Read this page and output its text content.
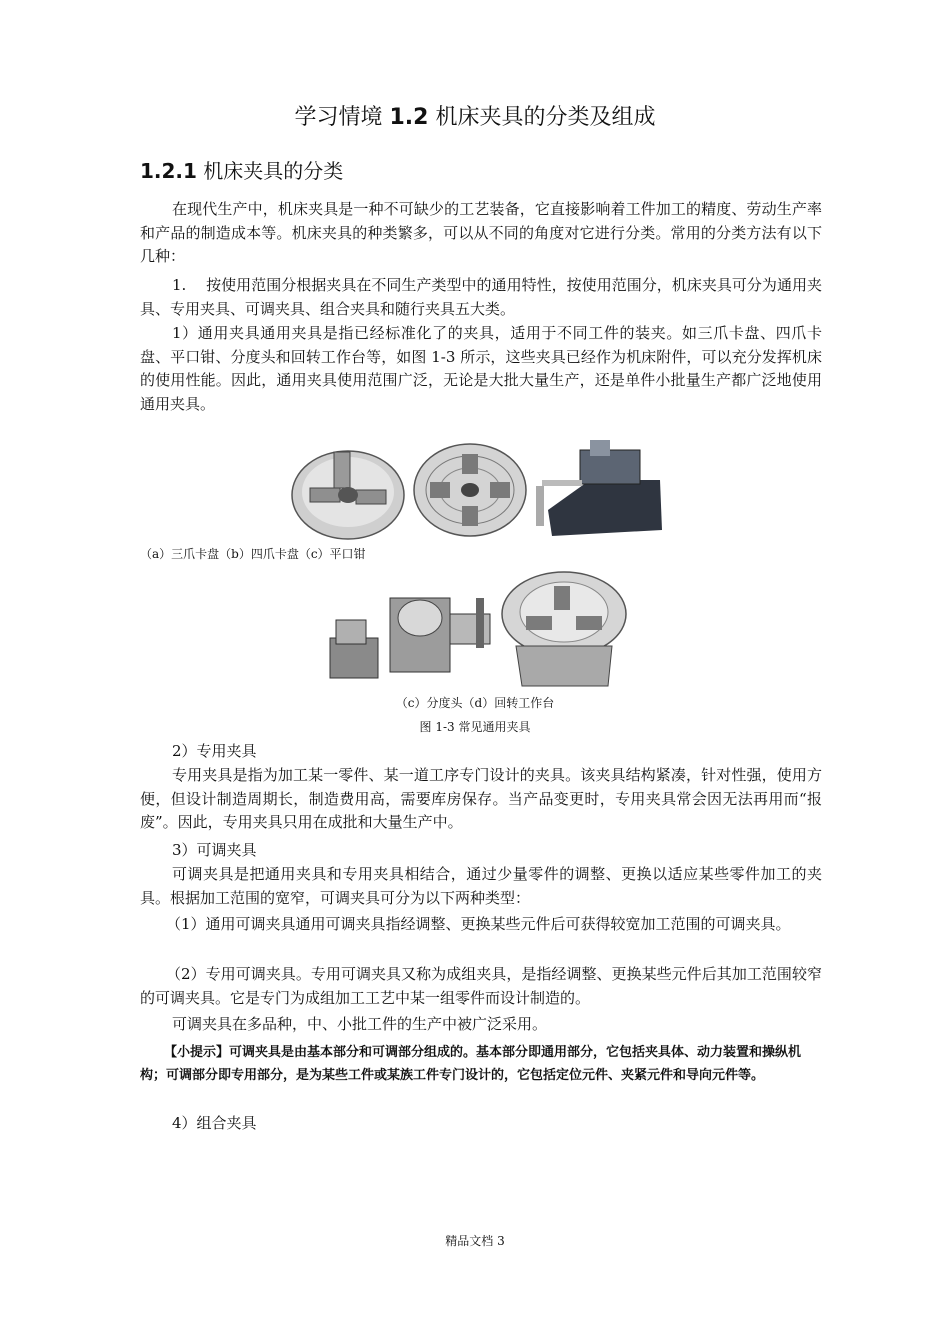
学习情境 1.2 机床夹具的分类及组成
1.2.1 机床夹具的分类
在现代生产中，机床夹具是一种不可缺少的工艺装备，它直接影响着工件加工的精度、劳动生产率和产品的制造成本等。机床夹具的种类繁多，可以从不同的角度对它进行分类。常用的分类方法有以下几种：
1.　 按使用范围分根据夹具在不同生产类型中的通用特性，按使用范围分，机床夹具可分为通用夹具、专用夹具、可调夹具、组合夹具和随行夹具五大类。
1）通用夹具通用夹具是指已经标准化了的夹具，适用于不同工件的装夹。如三爪卡盘、四爪卡盘、平口钳、分度头和回转工作台等，如图 1-3 所示，这些夹具已经作为机床附件，可以充分发挥机床的使用性能。因此，通用夹具使用范围广泛，无论是大批大量生产，还是单件小批量生产都广泛地使用通用夹具。
（a）三爪卡盘（b）四爪卡盘（c）平口钳
（c）分度头（d）回转工作台
图 1-3 常见通用夹具
2）专用夹具
专用夹具是指为加工某一零件、某一道工序专门设计的夹具。该夹具结构紧凑，针对性强，使用方便，但设计制造周期长，制造费用高，需要库房保存。当产品变更时，专用夹具常会因无法再用而“报废”。因此，专用夹具只用在成批和大量生产中。
3）可调夹具
可调夹具是把通用夹具和专用夹具相结合，通过少量零件的调整、更换以适应某些零件加工的夹具。根据加工范围的宽窄，可调夹具可分为以下两种类型：
（1）通用可调夹具通用可调夹具指经调整、更换某些元件后可获得较宽加工范围的可调夹具。
（2）专用可调夹具。专用可调夹具又称为成组夹具，是指经调整、更换某些元件后其加工范围较窄的可调夹具。它是专门为成组加工工艺中某一组零件而设计制造的。
可调夹具在多品种，中、小批工件的生产中被广泛采用。
【小提示】可调夹具是由基本部分和可调部分组成的。基本部分即通用部分，它包括夹具体、动力装置和操纵机构；可调部分即专用部分，是为某些工件或某族工件专门设计的，它包括定位元件、夹紧元件和导向元件等。
4）组合夹具
精品文档 3
